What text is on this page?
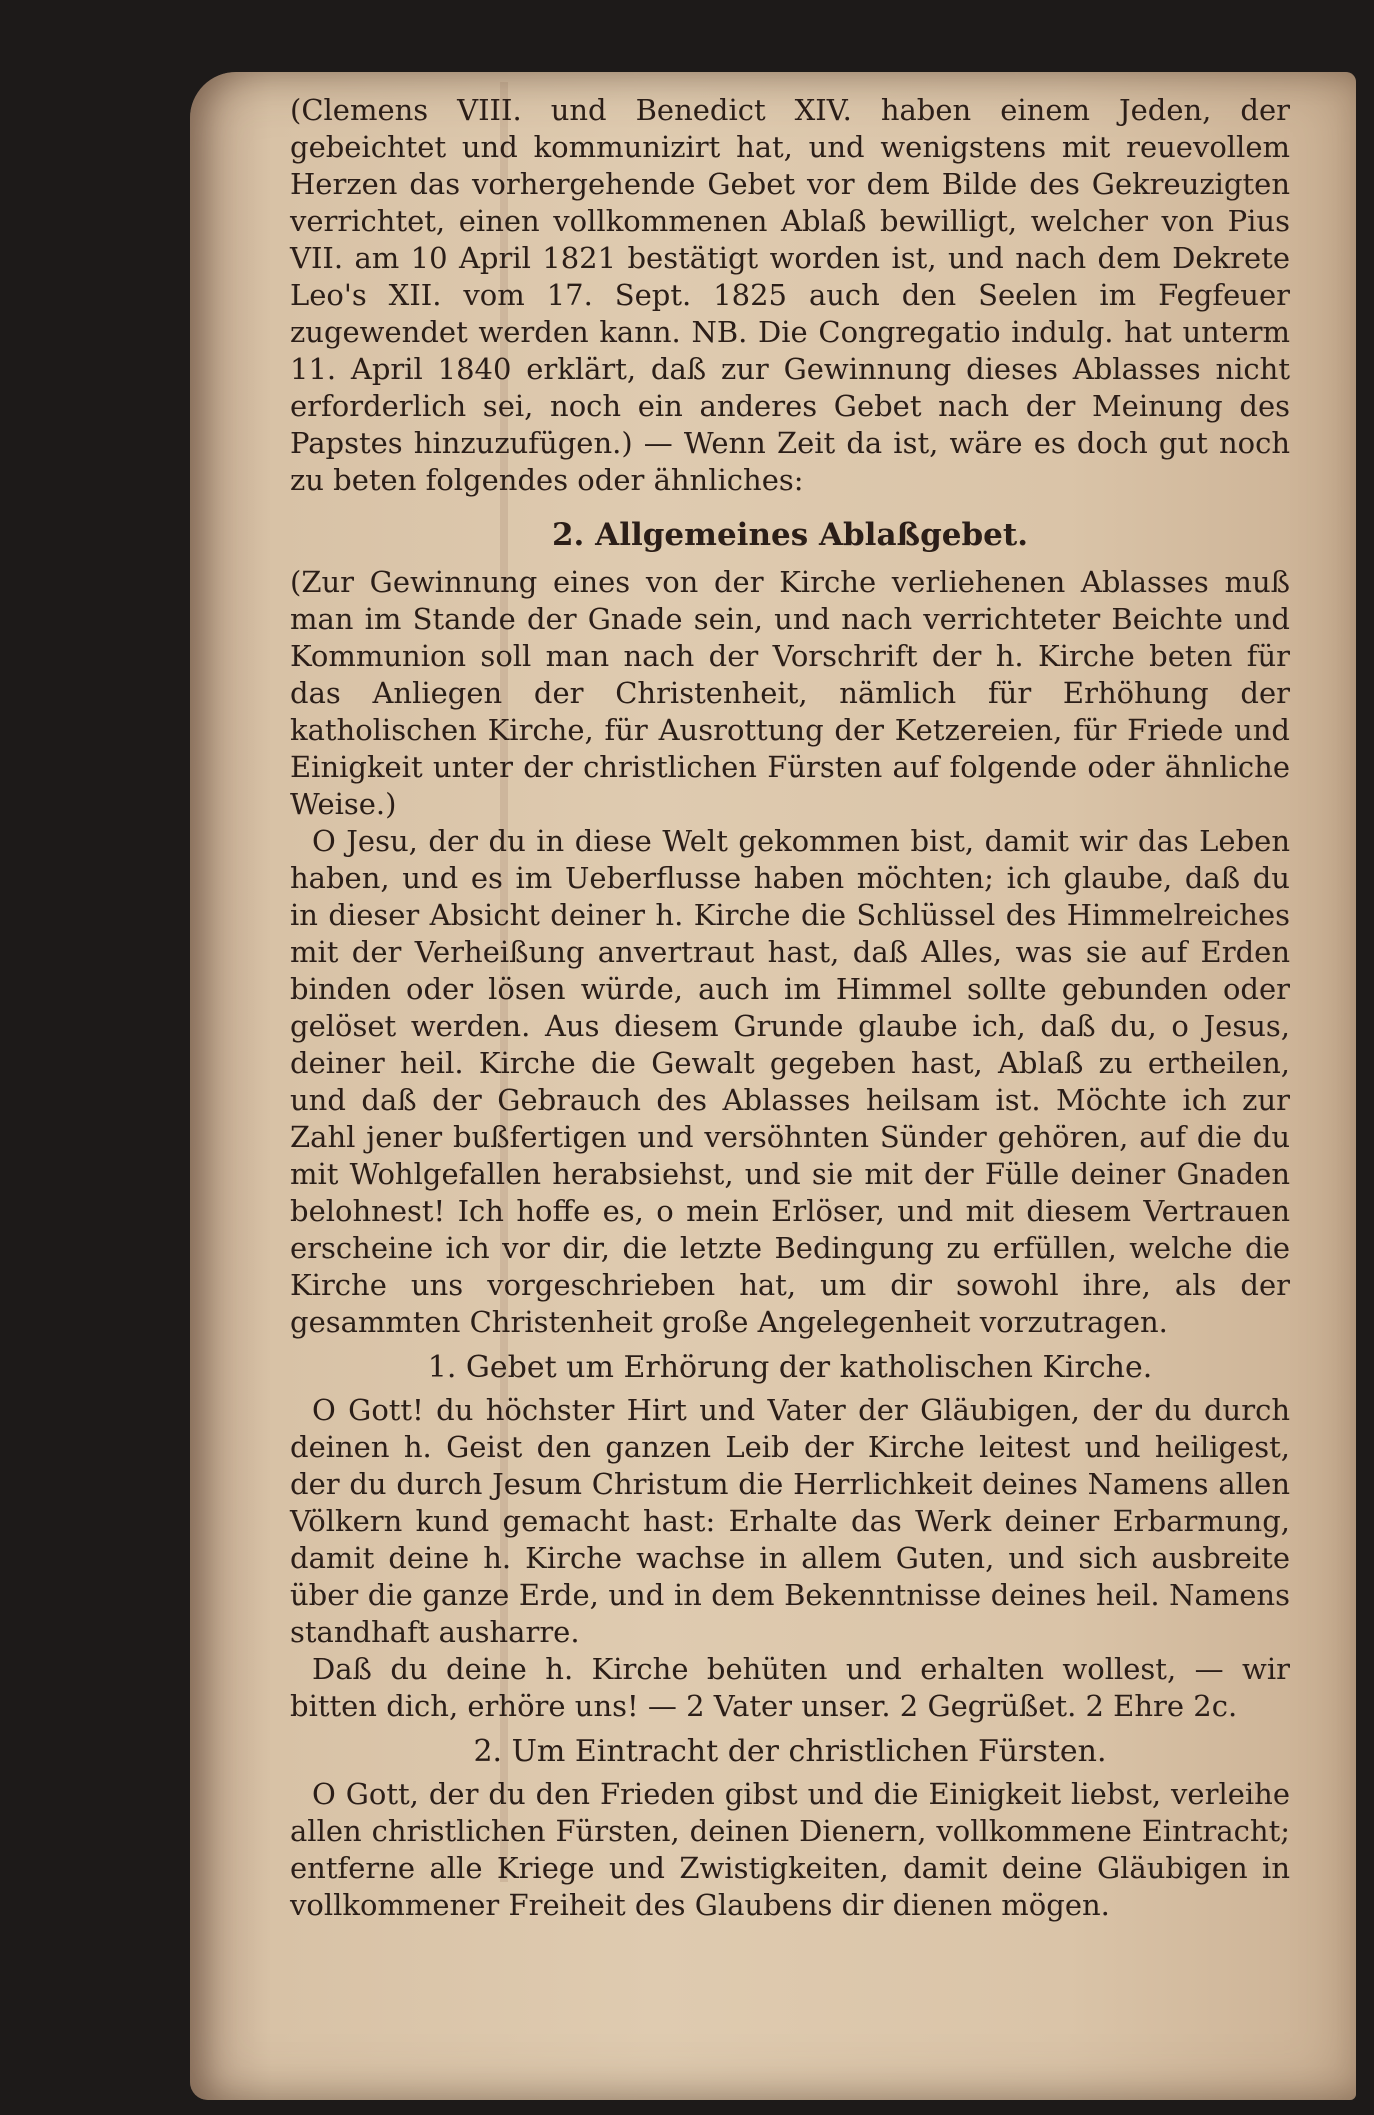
(Clemens VIII. und Benedict XIV. haben einem Jeden, der gebeichtet und kommunizirt hat, und wenigstens mit reuevollem Herzen das vorhergehende Gebet vor dem Bilde des Gekreuzigten verrichtet, einen vollkommenen Ablaß bewilligt, welcher von Pius VII. am 10 April 1821 bestätigt worden ist, und nach dem Dekrete Leo's XII. vom 17. Sept. 1825 auch den Seelen im Fegfeuer zugewendet werden kann. NB. Die Congregatio indulg. hat unterm 11. April 1840 erklärt, daß zur Gewinnung dieses Ablasses nicht erforderlich sei, noch ein anderes Gebet nach der Meinung des Papstes hinzuzufügen.) — Wenn Zeit da ist, wäre es doch gut noch zu beten folgendes oder ähnliches:

2. Allgemeines Ablaßgebet.

(Zur Gewinnung eines von der Kirche verliehenen Ablasses muß man im Stande der Gnade sein, und nach verrichteter Beichte und Kommunion soll man nach der Vorschrift der h. Kirche beten für das Anliegen der Christenheit, nämlich für Erhöhung der katholischen Kirche, für Ausrottung der Ketzereien, für Friede und Einigkeit unter der christlichen Fürsten auf folgende oder ähnliche Weise.)

O Jesu, der du in diese Welt gekommen bist, damit wir das Leben haben, und es im Ueberflusse haben möchten; ich glaube, daß du in dieser Absicht deiner h. Kirche die Schlüssel des Himmelreiches mit der Verheißung anvertraut hast, daß Alles, was sie auf Erden binden oder lösen würde, auch im Himmel sollte gebunden oder gelöset werden. Aus diesem Grunde glaube ich, daß du, o Jesus, deiner heil. Kirche die Gewalt gegeben hast, Ablaß zu ertheilen, und daß der Gebrauch des Ablasses heilsam ist. Möchte ich zur Zahl jener bußfertigen und versöhnten Sünder gehören, auf die du mit Wohlgefallen herabsiehst, und sie mit der Fülle deiner Gnaden belohnest! Ich hoffe es, o mein Erlöser, und mit diesem Vertrauen erscheine ich vor dir, die letzte Bedingung zu erfüllen, welche die Kirche uns vorgeschrieben hat, um dir sowohl ihre, als der gesammten Christenheit große Angelegenheit vorzutragen.

1. Gebet um Erhörung der katholischen Kirche.

O Gott! du höchster Hirt und Vater der Gläubigen, der du durch deinen h. Geist den ganzen Leib der Kirche leitest und heiligest, der du durch Jesum Christum die Herrlichkeit deines Namens allen Völkern kund gemacht hast: Erhalte das Werk deiner Erbarmung, damit deine h. Kirche wachse in allem Guten, und sich ausbreite über die ganze Erde, und in dem Bekenntnisse deines heil. Namens standhaft ausharre.

Daß du deine h. Kirche behüten und erhalten wollest, — wir bitten dich, erhöre uns! — 2 Vater unser. 2 Gegrüßet. 2 Ehre 2c.

2. Um Eintracht der christlichen Fürsten.

O Gott, der du den Frieden gibst und die Einigkeit liebst, verleihe allen christlichen Fürsten, deinen Dienern, vollkommene Eintracht; entferne alle Kriege und Zwistigkeiten, damit deine Gläubigen in vollkommener Freiheit des Glaubens dir dienen mögen.
